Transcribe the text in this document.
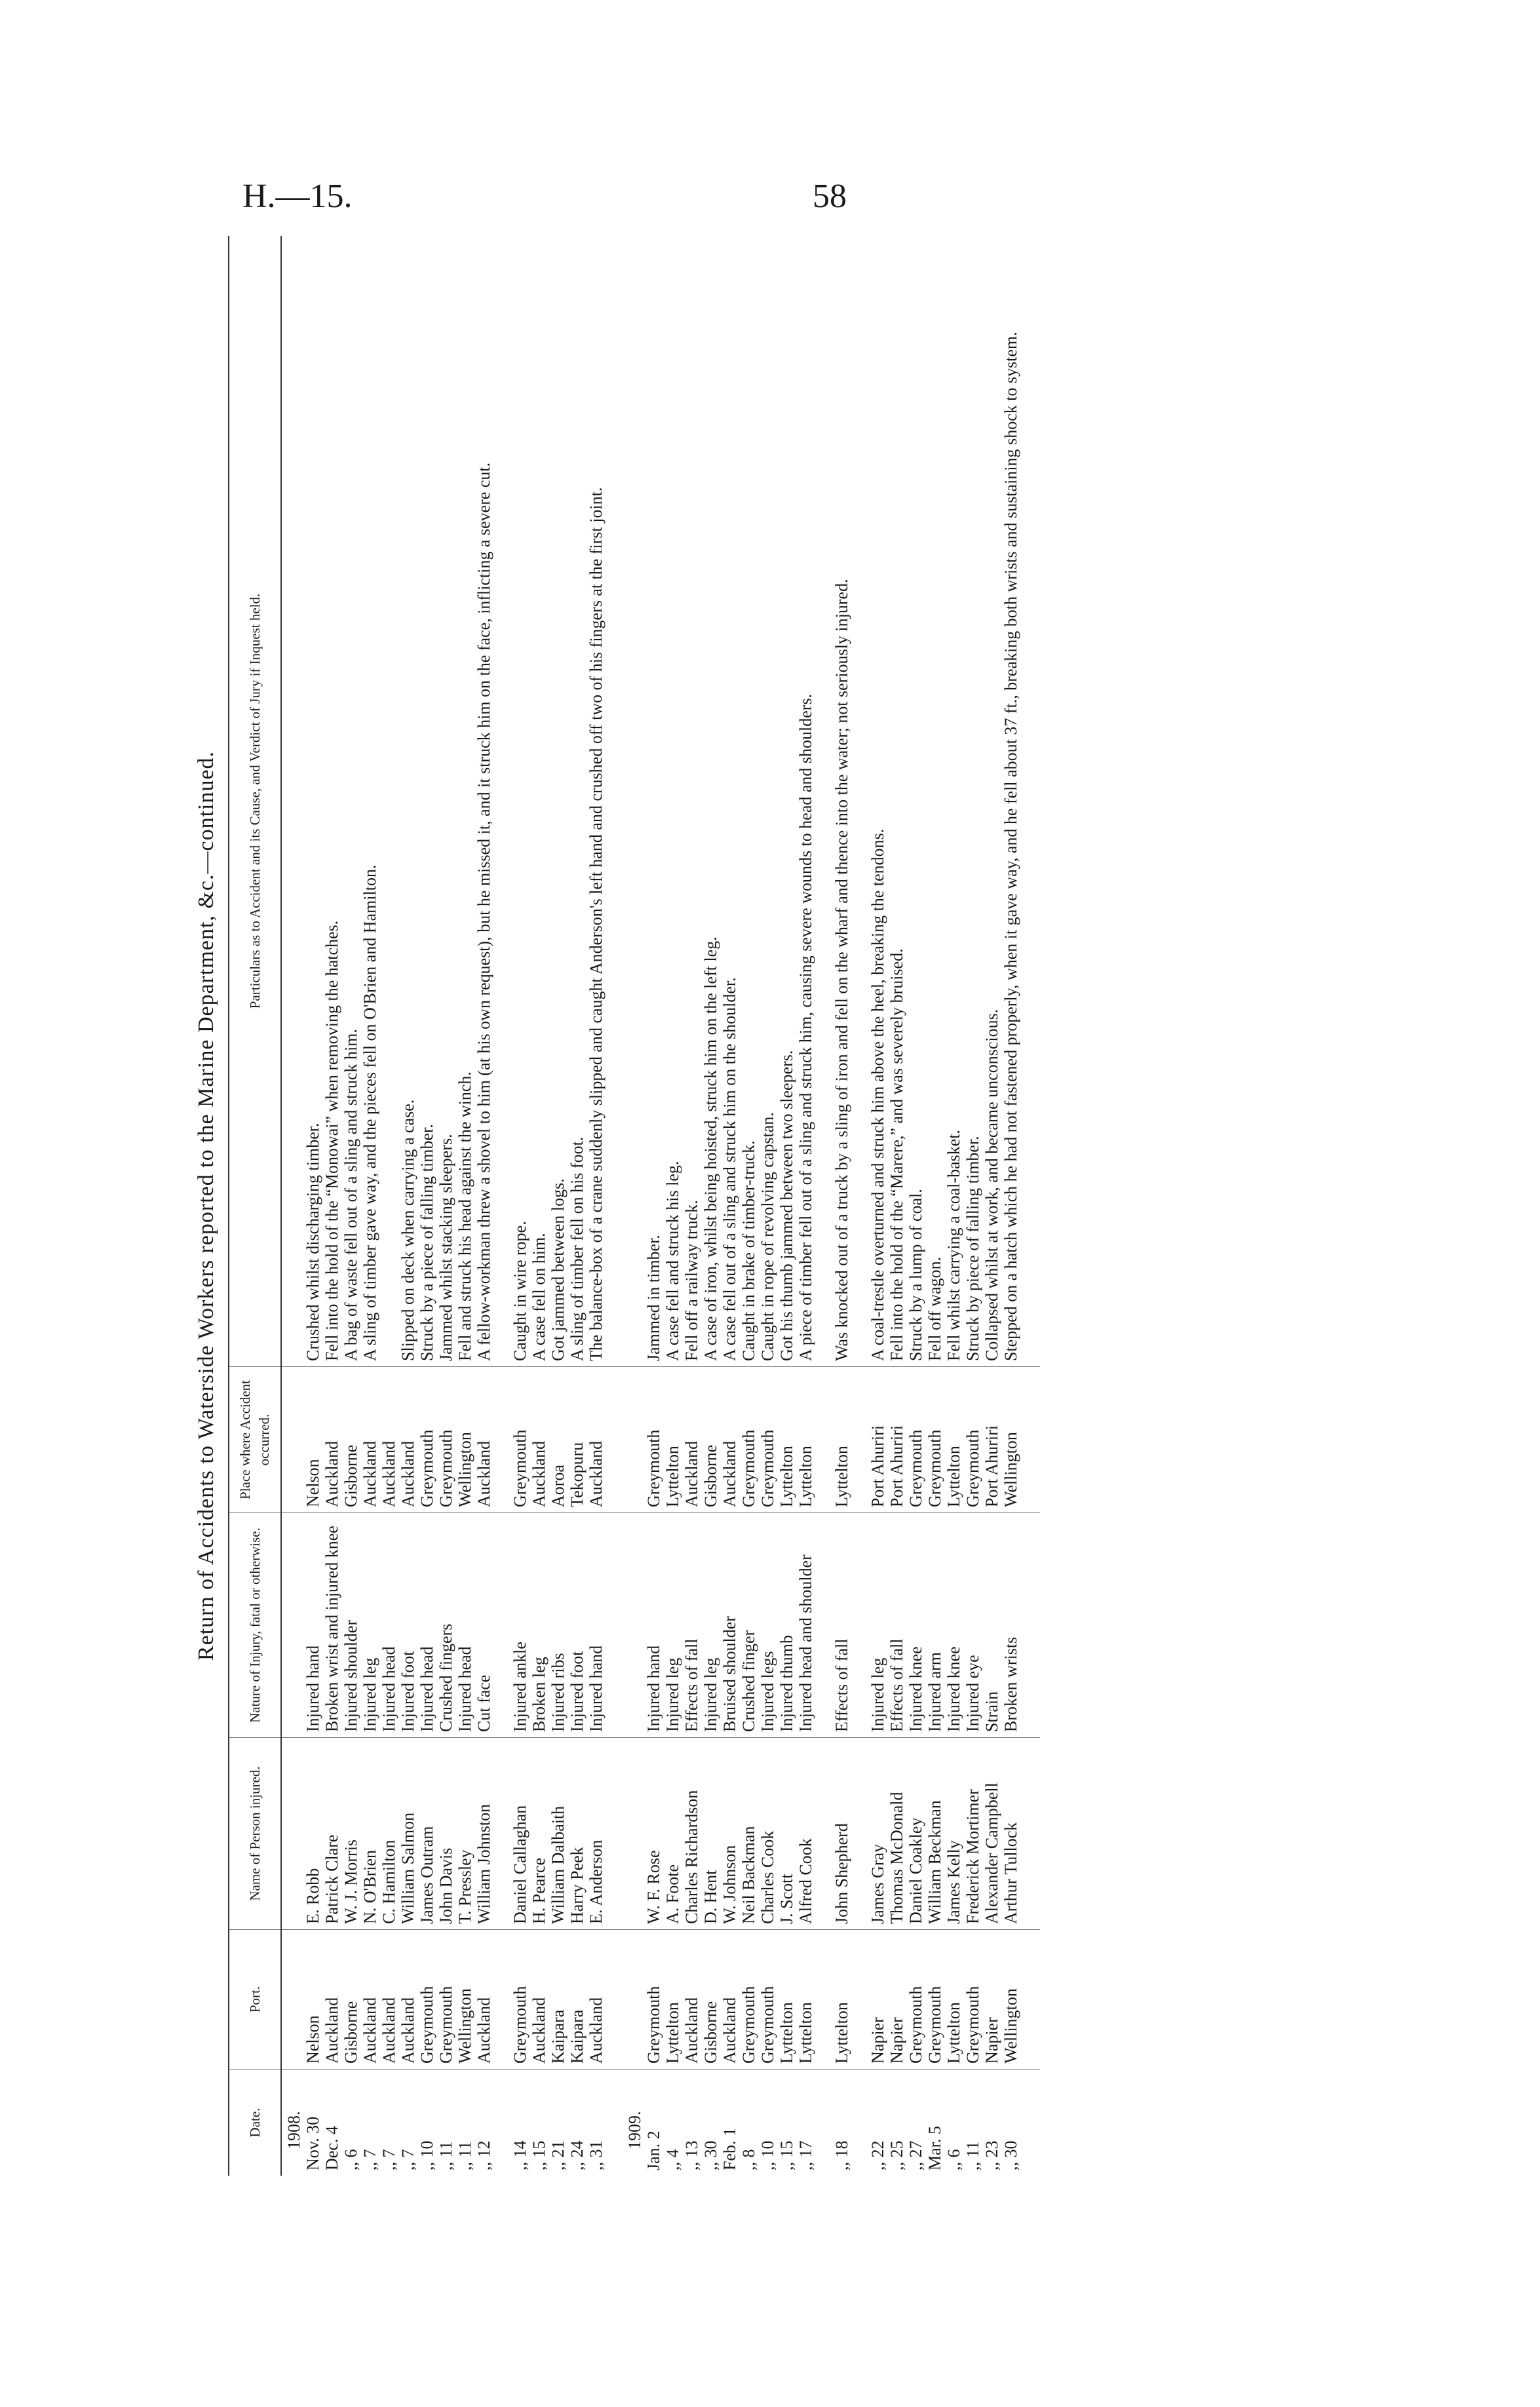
H.—15.	58
Return of Accidents to Waterside Workers reported to the Marine Department, &c.—continued.
Date.	Port.	Name of Person injured.	Nature of Injury, fatal or otherwise.	Place where Accident occurred.	Particulars as to Accident and its Cause, and Verdict of Jury if Inquest held.
1908.					
Nov. 30	Nelson	E. Robb	Injured hand	Nelson	Crushed whilst discharging timber.
Dec. 4	Auckland	Patrick Clare	Broken wrist and injured knee	Auckland	Fell into the hold of the “Monowai” when removing the hatches.
,, 6	Gisborne	W. J. Morris	Injured shoulder	Gisborne	A bag of waste fell out of a sling and struck him.
,, 7	Auckland	N. O'Brien	Injured leg	Auckland	A sling of timber gave way, and the pieces fell on O'Brien and Hamilton.
,, 7	Auckland	C. Hamilton	Injured head	Auckland	
,, 7	Auckland	William Salmon	Injured foot	Auckland	Slipped on deck when carrying a case.
,, 10	Greymouth	James Outram	Injured head	Greymouth	Struck by a piece of falling timber.
,, 11	Greymouth	John Davis	Crushed fingers	Greymouth	Jammed whilst stacking sleepers.
,, 11	Wellington	T. Pressley	Injured head	Wellington	Fell and struck his head against the winch.
,, 12	Auckland	William Johnston	Cut face	Auckland	A fellow-workman threw a shovel to him (at his own request), but he missed it, and it struck him on the face, inflicting a severe cut.

,, 14	Greymouth	Daniel Callaghan	Injured ankle	Greymouth	Caught in wire rope.
,, 15	Auckland	H. Pearce	Broken leg	Auckland	A case fell on him.
,, 21	Kaipara	William Dalbaith	Injured ribs	Aoroa	Got jammed between logs.
,, 24	Kaipara	Harry Peek	Injured foot	Tekopuru	A sling of timber fell on his foot.
,, 31	Auckland	E. Anderson	Injured hand	Auckland	The balance-box of a crane suddenly slipped and caught Anderson's left hand and crushed off two of his fingers at the first joint.

1909.					
Jan. 2	Greymouth	W. F. Rose	Injured hand	Greymouth	Jammed in timber.
,, 4	Lyttelton	A. Foote	Injured leg	Lyttelton	A case fell and struck his leg.
,, 13	Auckland	Charles Richardson	Effects of fall	Auckland	Fell off a railway truck.
,, 30	Gisborne	D. Hent	Injured leg	Gisborne	A case of iron, whilst being hoisted, struck him on the left leg.
Feb. 1	Auckland	W. Johnson	Bruised shoulder	Auckland	A case fell out of a sling and struck him on the shoulder.
,, 8	Greymouth	Neil Backman	Crushed finger	Greymouth	Caught in brake of timber-truck.
,, 10	Greymouth	Charles Cook	Injured legs	Greymouth	Caught in rope of revolving capstan.
,, 15	Lyttelton	J. Scott	Injured thumb	Lyttelton	Got his thumb jammed between two sleepers.
,, 17	Lyttelton	Alfred Cook	Injured head and shoulder	Lyttelton	A piece of timber fell out of a sling and struck him, causing severe wounds to head and shoulders.

,, 18	Lyttelton	John Shepherd	Effects of fall	Lyttelton	Was knocked out of a truck by a sling of iron and fell on the wharf and thence into the water; not seriously injured.

,, 22	Napier	James Gray	Injured leg	Port Ahuriri	A coal-trestle overturned and struck him above the heel, breaking the tendons.
,, 25	Napier	Thomas McDonald	Effects of fall	Port Ahuriri	Fell into the hold of the “Marere,” and was severely bruised.
,, 27	Greymouth	Daniel Coakley	Injured knee	Greymouth	Struck by a lump of coal.
Mar. 5	Greymouth	William Beckman	Injured arm	Greymouth	Fell off wagon.
,, 6	Lyttelton	James Kelly	Injured knee	Lyttelton	Fell whilst carrying a coal-basket.
,, 11	Greymouth	Frederick Mortimer	Injured eye	Greymouth	Struck by piece of falling timber.
,, 23	Napier	Alexander Campbell	Strain	Port Ahuriri	Collapsed whilst at work, and became unconscious.
,, 30	Wellington	Arthur Tullock	Broken wrists	Wellington	Stepped on a hatch which he had not fastened properly, when it gave way, and he fell about 37 ft., breaking both wrists and sustaining shock to system.
